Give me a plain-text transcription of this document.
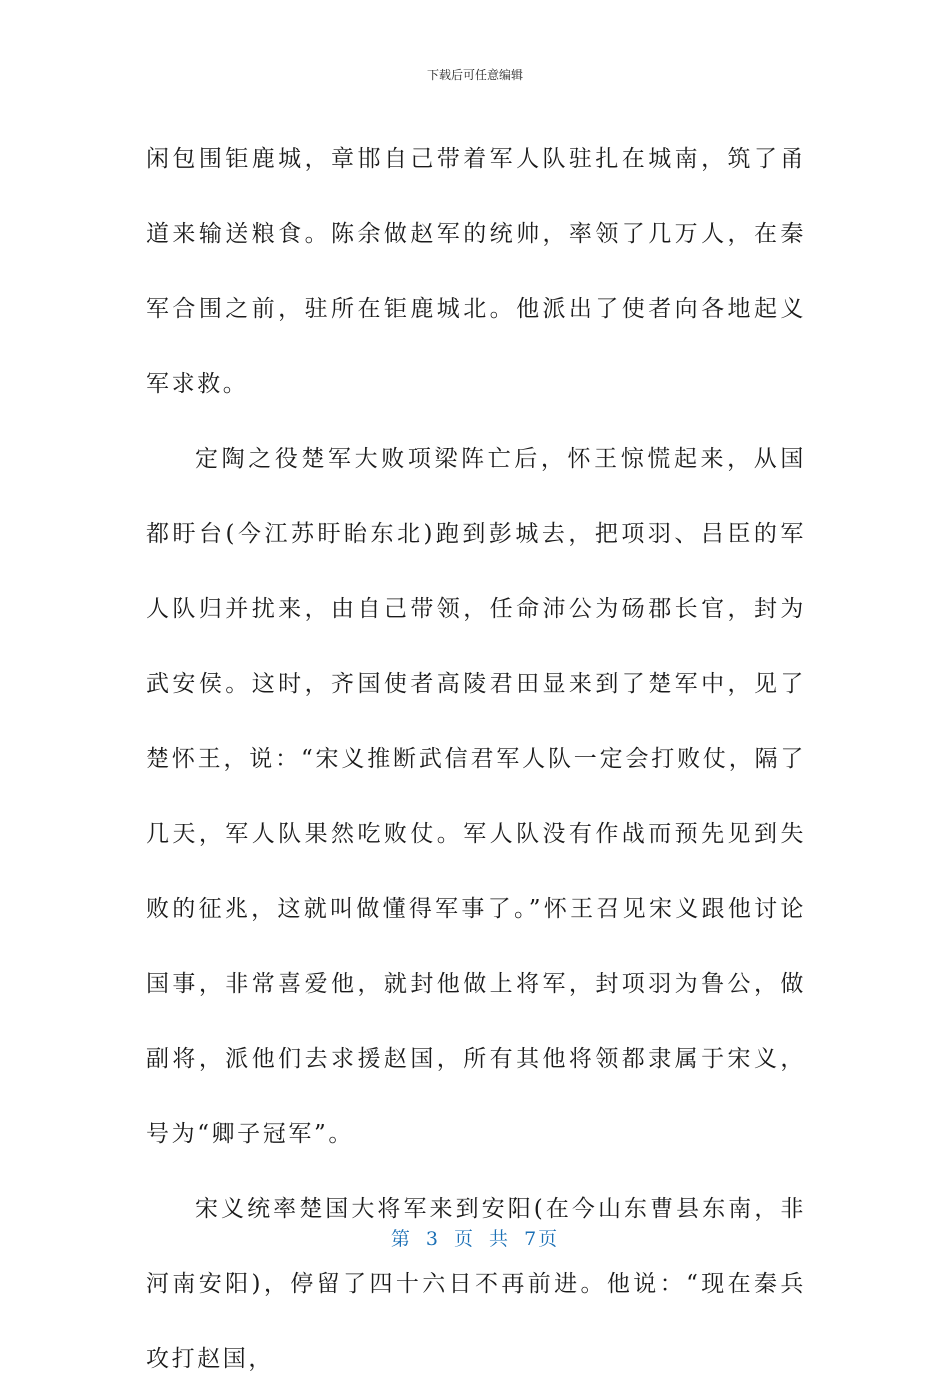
下载后可任意编辑

闲包围钜鹿城，章邯自己带着军人队驻扎在城南，筑了甬道来输送粮食。陈余做赵军的统帅，率领了几万人，在秦军合围之前，驻所在钜鹿城北。他派出了使者向各地起义军求救。

定陶之役楚军大败项梁阵亡后，怀王惊慌起来，从国都盱台(今江苏盱眙东北)跑到彭城去，把项羽、吕臣的军人队归并扰来，由自己带领，任命沛公为砀郡长官，封为武安侯。这时，齐国使者高陵君田显来到了楚军中，见了楚怀王，说：“宋义推断武信君军人队一定会打败仗，隔了几天，军人队果然吃败仗。军人队没有作战而预先见到失败的征兆，这就叫做懂得军事了。”怀王召见宋义跟他讨论国事，非常喜爱他，就封他做上将军，封项羽为鲁公，做副将，派他们去求援赵国，所有其他将领都隶属于宋义，号为“卿子冠军”。

宋义统率楚国大将军来到安阳(在今山东曹县东南，非河南安阳)，停留了四十六日不再前进。他说：“现在秦兵攻打赵国，

第 3 页 共 7页
